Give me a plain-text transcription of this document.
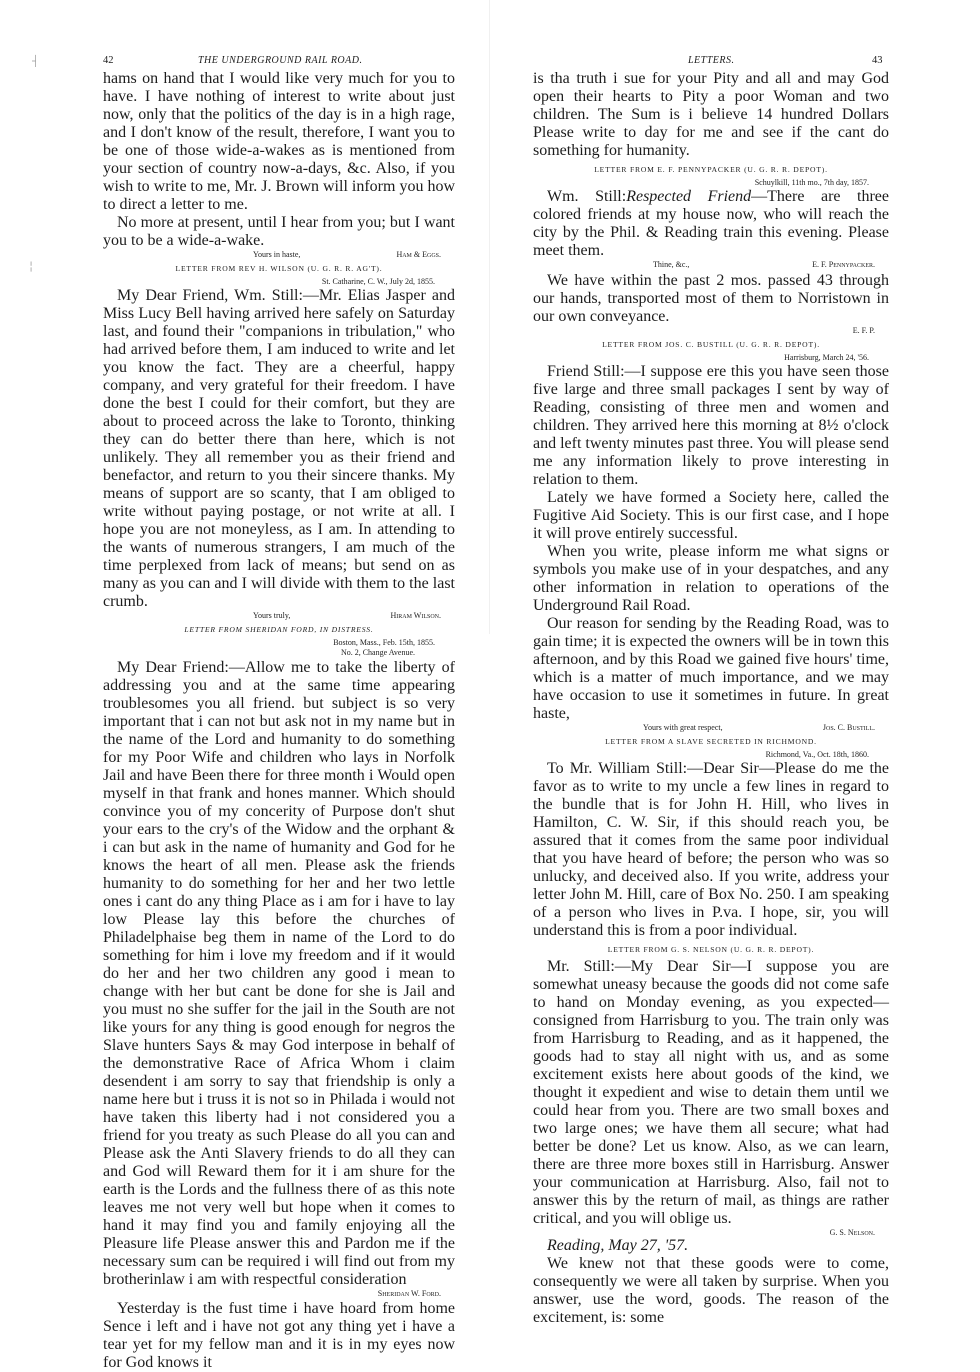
┤
╎
42	THE UNDERGROUND RAIL ROAD.

hams on hand that I would like very much for you to have. I have nothing of interest to write about just now, only that the politics of the day is in a high rage, and I don't know of the result, therefore, I want you to be one of those wide-a-wakes as is mentioned from your section of country now-a-days, &c. Also, if you wish to write to me, Mr. J. Brown will inform you how to direct a letter to me.

No more at present, until I hear from you; but I want you to be a wide-a-wake.

Yours in haste,	Ham & Eggs.
LETTER FROM REV H. WILSON (U. G. R. R. AG'T).
St. Catharine, C. W., July 2d, 1855.

My Dear Friend, Wm. Still:—Mr. Elias Jasper and Miss Lucy Bell having arrived here safely on Saturday last, and found their "companions in tribulation," who had arrived before them, I am induced to write and let you know the fact. They are a cheerful, happy company, and very grateful for their freedom. I have done the best I could for their comfort, but they are about to proceed across the lake to Toronto, thinking they can do better there than here, which is not unlikely. They all remember you as their friend and benefactor, and return to you their sincere thanks. My means of support are so scanty, that I am obliged to write without paying postage, or not write at all. I hope you are not moneyless, as I am. In attending to the wants of numerous strangers, I am much of the time perplexed from lack of means; but send on as many as you can and I will divide with them to the last crumb.

Yours truly,	Hiram Wilson.
LETTER FROM SHERIDAN FORD, IN DISTRESS.
Boston, Mass., Feb. 15th, 1855.
No. 2, Change Avenue.

My Dear Friend:—Allow me to take the liberty of addressing you and at the same time appearing troublesomes you all friend. but subject is so very important that i can not but ask not in my name but in the name of the Lord and humanity to do something for my Poor Wife and children who lays in Norfolk Jail and have Been there for three month i Would open myself in that frank and hones manner. Which should convince you of my concerity of Purpose don't shut your ears to the cry's of the Widow and the orphant & i can but ask in the name of humanity and God for he knows the heart of all men. Please ask the friends humanity to do something for her and her two lettle ones i cant do any thing Place as i am for i have to lay low Please lay this before the churches of Philadelphaise beg them in name of the Lord to do something for him i love my freedom and if it would do her and her two children any good i mean to change with her but cant be done for she is Jail and you must no she suffer for the jail in the South are not like yours for any thing is good enough for negros the Slave hunters Says & may God interpose in behalf of the demonstrative Race of Africa Whom i claim desendent i am sorry to say that friendship is only a name here but i truss it is not so in Philada i would not have taken this liberty had i not considered you a friend for you treaty as such Please do all you can and Please ask the Anti Slavery friends to do all they can and God will Reward them for it i am shure for the earth is the Lords and the fullness there of as this note leaves me not very well but hope when it comes to hand it may find you and family enjoying all the Pleasure life Please answer this and Pardon me if the necessary sum can be required i will find out from my brotherinlaw i am with respectful consideration

Sheridan W. Ford.

Yesterday is the fust time i have hoard from home Sence i left and i have not got any thing yet i have a tear yet for my fellow man and it is in my eyes now for God knows it

LETTERS.	43

is tha truth i sue for your Pity and all and may God open their hearts to Pity a poor Woman and two children. The Sum is i believe 14 hundred Dollars Please write to day for me and see if the cant do something for humanity.

LETTER FROM E. F. PENNYPACKER (U. G. R. R. DEPOT).
Schuylkill, 11th mo., 7th day, 1857.

Wm. Still:Respected Friend—There are three colored friends at my house now, who will reach the city by the Phil. & Reading train this evening. Please meet them.

Thine, &c.,	E. F. Pennypacker.

We have within the past 2 mos. passed 43 through our hands, transported most of them to Norristown in our own conveyance.

E. F. P.
LETTER FROM JOS. C. BUSTILL (U. G. R. R. DEPOT).
Harrisburg, March 24, '56.

Friend Still:—I suppose ere this you have seen those five large and three small packages I sent by way of Reading, consisting of three men and women and children. They arrived here this morning at 8½ o'clock and left twenty minutes past three. You will please send me any information likely to prove interesting in relation to them.

Lately we have formed a Society here, called the Fugitive Aid Society. This is our first case, and I hope it will prove entirely successful.

When you write, please inform me what signs or symbols you make use of in your despatches, and any other information in relation to operations of the Underground Rail Road.

Our reason for sending by the Reading Road, was to gain time; it is expected the owners will be in town this afternoon, and by this Road we gained five hours' time, which is a matter of much importance, and we may have occasion to use it sometimes in future. In great haste,

Yours with great respect,	Jos. C. Bustill.
LETTER FROM A SLAVE SECRETED IN RICHMOND.
Richmond, Va., Oct. 18th, 1860.

To Mr. William Still:—Dear Sir—Please do me the favor as to write to my uncle a few lines in regard to the bundle that is for John H. Hill, who lives in Hamilton, C. W. Sir, if this should reach you, be assured that it comes from the same poor individual that you have heard of before; the person who was so unlucky, and deceived also. If you write, address your letter John M. Hill, care of Box No. 250. I am speaking of a person who lives in P.va. I hope, sir, you will understand this is from a poor individual.

LETTER FROM G. S. NELSON (U. G. R. R. DEPOT).

Mr. Still:—My Dear Sir—I suppose you are somewhat uneasy because the goods did not come safe to hand on Monday evening, as you expected—consigned from Harrisburg to you. The train only was from Harrisburg to Reading, and as it happened, the goods had to stay all night with us, and as some excitement exists here about goods of the kind, we thought it expedient and wise to detain them until we could hear from you. There are two small boxes and two large ones; we have them all secure; what had better be done? Let us know. Also, as we can learn, there are three more boxes still in Harrisburg. Answer your communication at Harrisburg. Also, fail not to answer this by the return of mail, as things are rather critical, and you will oblige us.

G. S. Nelson.
Reading, May 27, '57.

We knew not that these goods were to come, consequently we were all taken by surprise. When you answer, use the word, goods. The reason of the excitement, is: some
